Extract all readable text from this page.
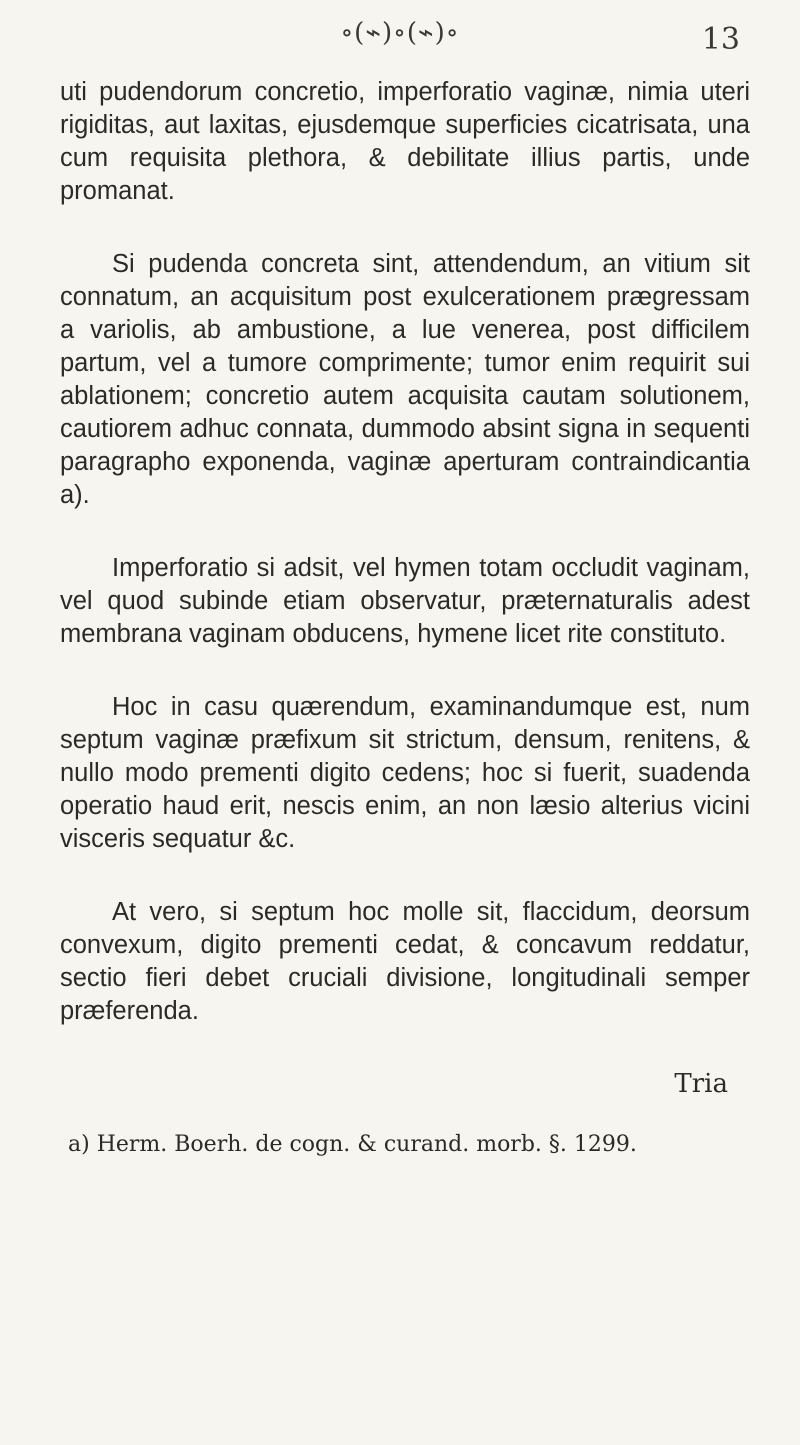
∘(⌁)∘(⌁)∘	13

uti pudendorum concretio, imperforatio vaginæ, nimia uteri rigiditas, aut laxitas, ejusdemque superficies cicatrisata, una cum requisita plethora, & debilitate illius partis, unde promanat.

Si pudenda concreta sint, attendendum, an vitium sit connatum, an acquisitum post exulcerationem prægressam a variolis, ab ambustione, a lue venerea, post difficilem partum, vel a tumore comprimente; tumor enim requirit sui ablationem; concretio autem acquisita cautam solutionem, cautiorem adhuc connata, dummodo absint signa in sequenti paragrapho exponenda, vaginæ aperturam contraindicantia a).

Imperforatio si adsit, vel hymen totam occludit vaginam, vel quod subinde etiam observatur, præternaturalis adest membrana vaginam obducens, hymene licet rite constituto.

Hoc in casu quærendum, examinandumque est, num septum vaginæ præfixum sit strictum, densum, renitens, & nullo modo prementi digito cedens; hoc si fuerit, suadenda operatio haud erit, nescis enim, an non læsio alterius vicini visceris sequatur &c.

At vero, si septum hoc molle sit, flaccidum, deorsum convexum, digito prementi cedat, & concavum reddatur, sectio fieri debet cruciali divisione, longitudinali semper præferenda.

Tria
a) Herm. Boerh. de cogn. & curand. morb. §. 1299.
